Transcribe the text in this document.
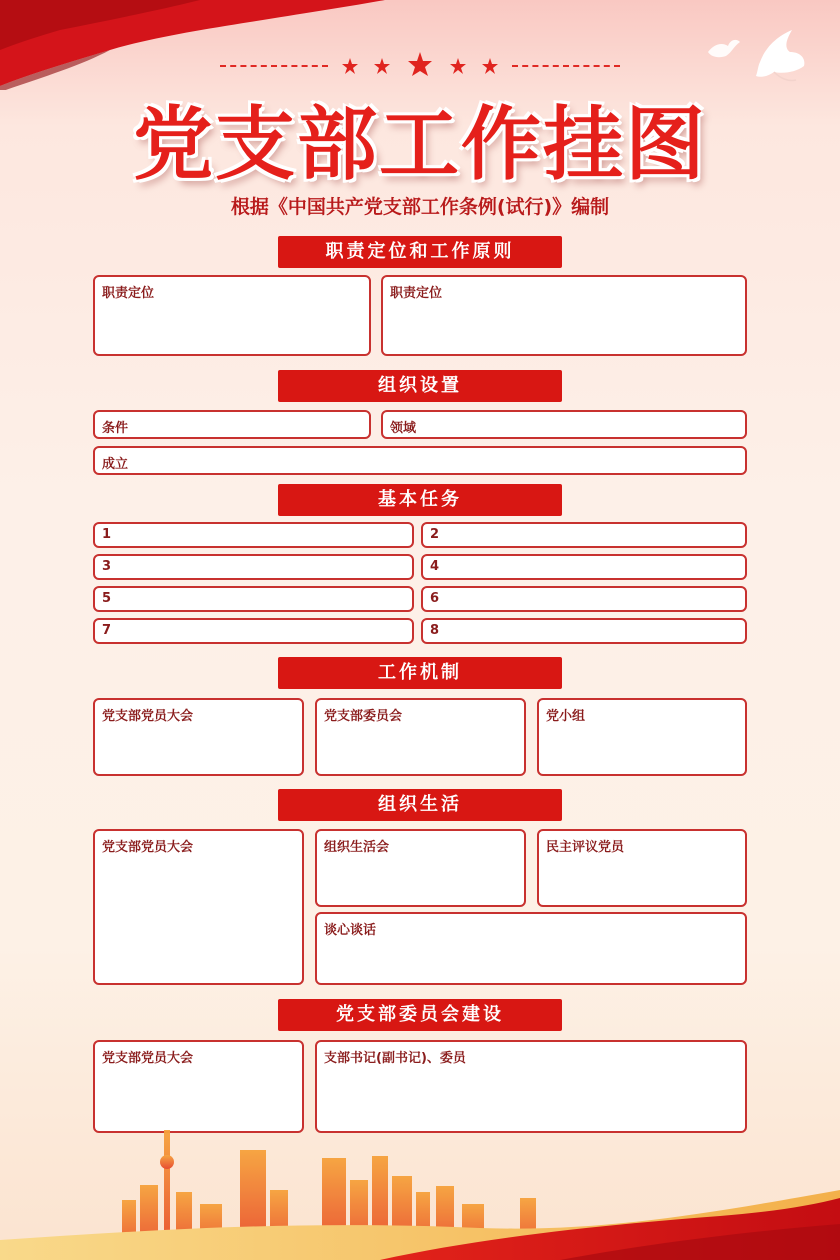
党支部工作挂图
根据《中国共产党支部工作条例(试行)》编制
职责定位和工作原则
职责定位	职责定位
组织设置
条件	领域
成立
基本任务
1	2
3	4
5	6
7	8
工作机制
党支部党员大会	党支部委员会	党小组
组织生活
党支部党员大会	组织生活会	民主评议党员
谈心谈话
党支部委员会建设
党支部党员大会	支部书记(副书记)、委员
